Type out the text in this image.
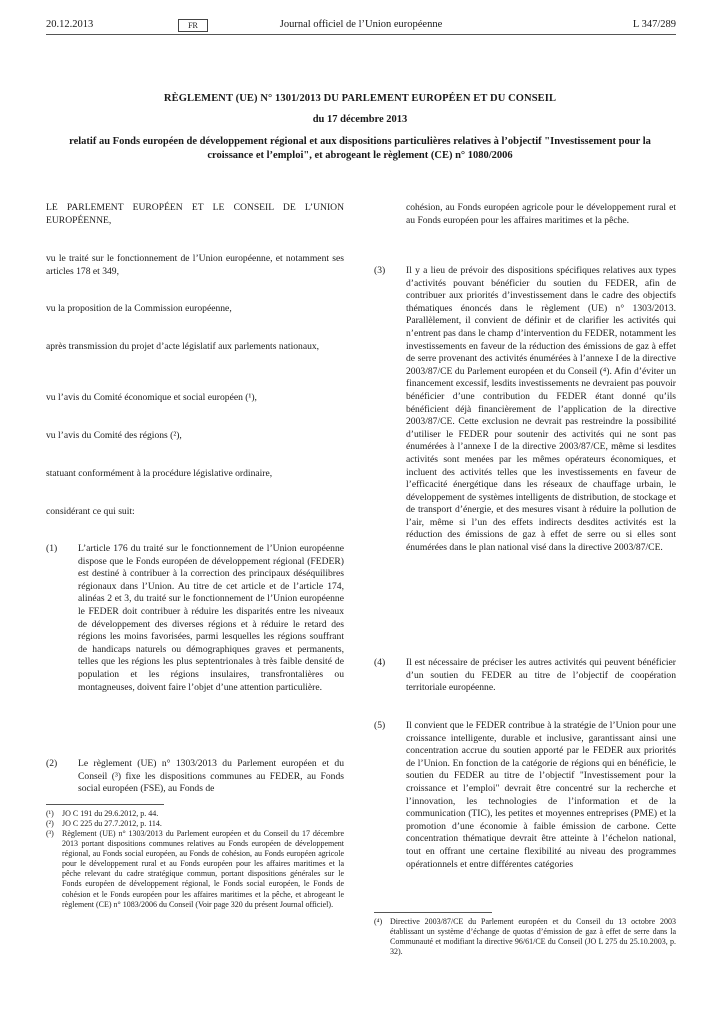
Journal officiel de l’Union européenne
20.12.2013	FR	L 347/289

RÈGLEMENT (UE) N° 1301/2013 DU PARLEMENT EUROPÉEN ET DU CONSEIL

du 17 décembre 2013

relatif au Fonds européen de développement régional et aux dispositions particulières relatives à l’objectif "Investissement pour la croissance et l’emploi", et abrogeant le règlement (CE) n° 1080/2006

LE PARLEMENT EUROPÉEN ET LE CONSEIL DE L’UNION EUROPÉENNE,

vu le traité sur le fonctionnement de l’Union européenne, et notamment ses articles 178 et 349,

vu la proposition de la Commission européenne,

après transmission du projet d’acte législatif aux parlements nationaux,

vu l’avis du Comité économique et social européen (¹),

vu l’avis du Comité des régions (²),

statuant conformément à la procédure législative ordinaire,

considérant ce qui suit:

(1) L’article 176 du traité sur le fonctionnement de l’Union européenne dispose que le Fonds européen de développement régional (FEDER) est destiné à contribuer à la correction des principaux déséquilibres régionaux dans l’Union. Au titre de cet article et de l’article 174, alinéas 2 et 3, du traité sur le fonctionnement de l’Union européenne le FEDER doit contribuer à réduire les disparités entre les niveaux de développement des diverses régions et à réduire le retard des régions les moins favorisées, parmi lesquelles les régions souffrant de handicaps naturels ou démographiques graves et permanents, telles que les régions les plus septentrionales à très faible densité de population et les régions insulaires, transfrontalières ou montagneuses, doivent faire l’objet d’une attention particulière.
(2) Le règlement (UE) n° 1303/2013 du Parlement européen et du Conseil (³) fixe les dispositions communes au FEDER, au Fonds social européen (FSE), au Fonds de
(¹) JO C 191 du 29.6.2012, p. 44.
(²) JO C 225 du 27.7.2012, p. 114.
(³) Règlement (UE) n° 1303/2013 du Parlement européen et du Conseil du 17 décembre 2013 portant dispositions communes relatives au Fonds européen de développement régional, au Fonds social européen, au Fonds de cohésion, au Fonds européen agricole pour le développement rural et au Fonds européen pour les affaires maritimes et la pêche relevant du cadre stratégique commun, portant dispositions générales sur le Fonds européen de développement régional, le Fonds social européen, le Fonds de cohésion et le Fonds européen pour les affaires maritimes et la pêche, et abrogeant le règlement (CE) n° 1083/2006 du Conseil (Voir page 320 du présent Journal officiel).

cohésion, au Fonds européen agricole pour le développement rural et au Fonds européen pour les affaires maritimes et la pêche.

(3) Il y a lieu de prévoir des dispositions spécifiques relatives aux types d’activités pouvant bénéficier du soutien du FEDER, afin de contribuer aux priorités d’investissement dans le cadre des objectifs thématiques énoncés dans le règlement (UE) n° 1303/2013. Parallèlement, il convient de définir et de clarifier les activités qui n’entrent pas dans le champ d’intervention du FEDER, notamment les investissements en faveur de la réduction des émissions de gaz à effet de serre provenant des activités énumérées à l’annexe I de la directive 2003/87/CE du Parlement européen et du Conseil (⁴). Afin d’éviter un financement excessif, lesdits investissements ne devraient pas pouvoir bénéficier d’une contribution du FEDER étant donné qu’ils bénéficient déjà financièrement de l’application de la directive 2003/87/CE. Cette exclusion ne devrait pas restreindre la possibilité d’utiliser le FEDER pour soutenir des activités qui ne sont pas énumérées à l’annexe I de la directive 2003/87/CE, même si lesdites activités sont menées par les mêmes opérateurs économiques, et incluent des activités telles que les investissements en faveur de l’efficacité énergétique dans les réseaux de chauffage urbain, le développement de systèmes intelligents de distribution, de stockage et de transport d’énergie, et des mesures visant à réduire la pollution de l’air, même si l’un des effets indirects desdites activités est la réduction des émissions de gaz à effet de serre ou si elles sont énumérées dans le plan national visé dans la directive 2003/87/CE.
(4) Il est nécessaire de préciser les autres activités qui peuvent bénéficier d’un soutien du FEDER au titre de l’objectif de coopération territoriale européenne.
(5) Il convient que le FEDER contribue à la stratégie de l’Union pour une croissance intelligente, durable et inclusive, garantissant ainsi une concentration accrue du soutien apporté par le FEDER aux priorités de l’Union. En fonction de la catégorie de régions qui en bénéficie, le soutien du FEDER au titre de l’objectif "Investissement pour la croissance et l’emploi" devrait être concentré sur la recherche et l’innovation, les technologies de l’information et de la communication (TIC), les petites et moyennes entreprises (PME) et la promotion d’une économie à faible émission de carbone. Cette concentration thématique devrait être atteinte à l’échelon national, tout en offrant une certaine flexibilité au niveau des programmes opérationnels et entre différentes catégories
(⁴) Directive 2003/87/CE du Parlement européen et du Conseil du 13 octobre 2003 établissant un système d’échange de quotas d’émission de gaz à effet de serre dans la Communauté et modifiant la directive 96/61/CE du Conseil (JO L 275 du 25.10.2003, p. 32).
